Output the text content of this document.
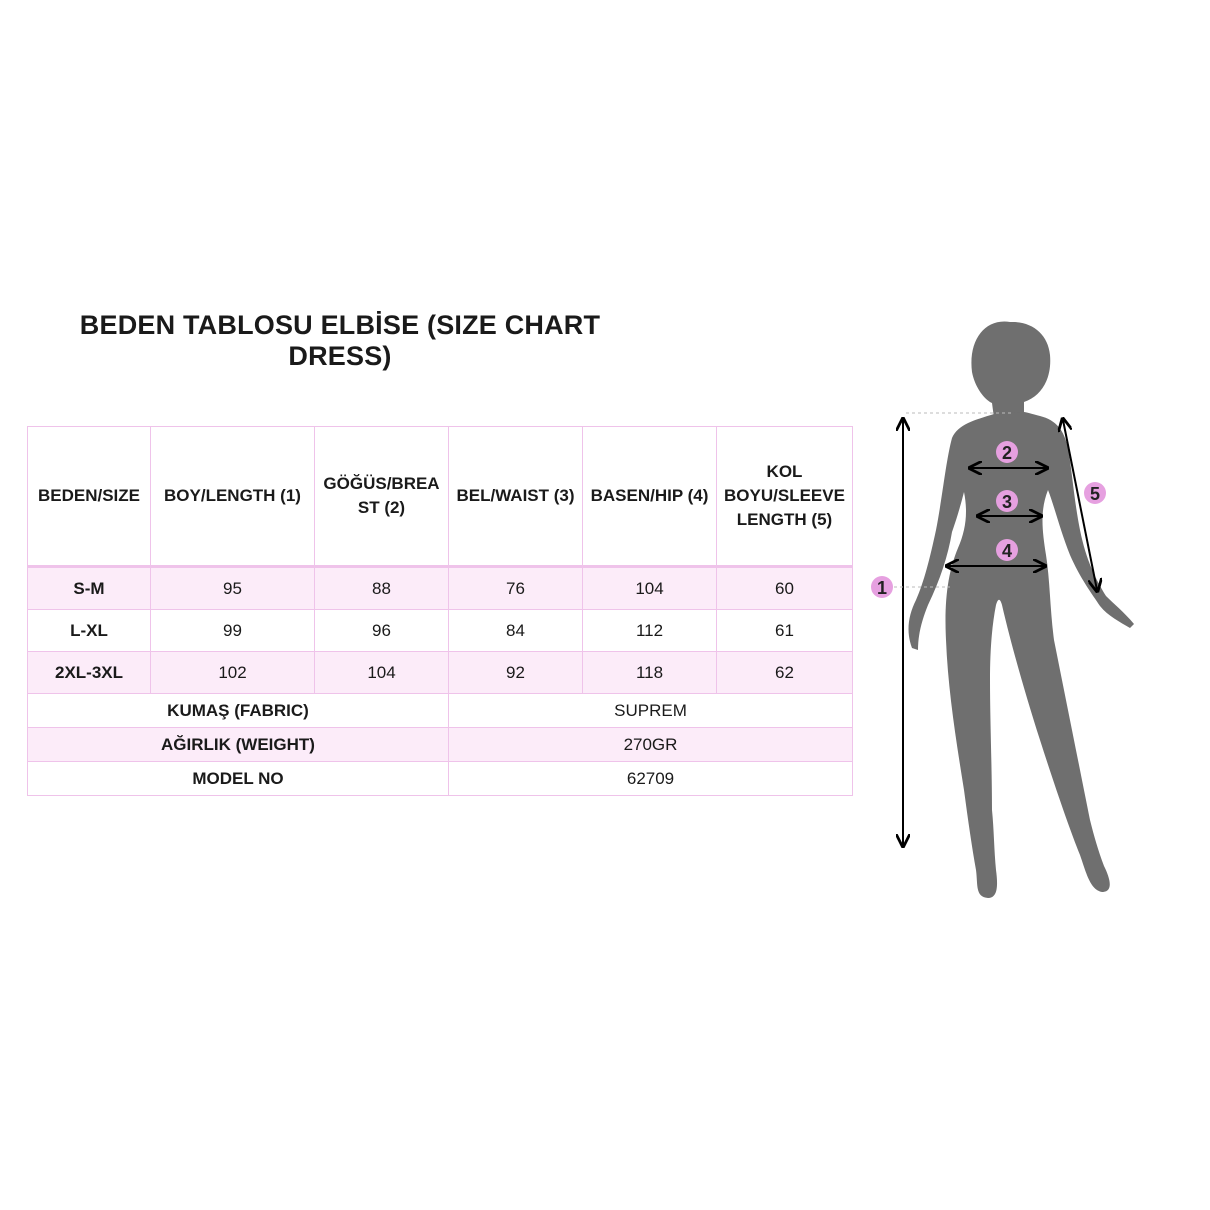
BEDEN TABLOSU ELBİSE (SIZE CHART DRESS)
BEDEN/SIZE	BOY/LENGTH (1)	GÖĞÜS/BREA ST (2)	BEL/WAIST (3)	BASEN/HIP (4)	KOL BOYU/SLEEVE LENGTH (5)
S-M	95	88	76	104	60
L-XL	99	96	84	112	61
2XL-3XL	102	104	92	118	62
KUMAŞ (FABRIC)			SUPREM		
AĞIRLIK (WEIGHT)			270GR		
MODEL NO			62709		
2
3
4
1
5
